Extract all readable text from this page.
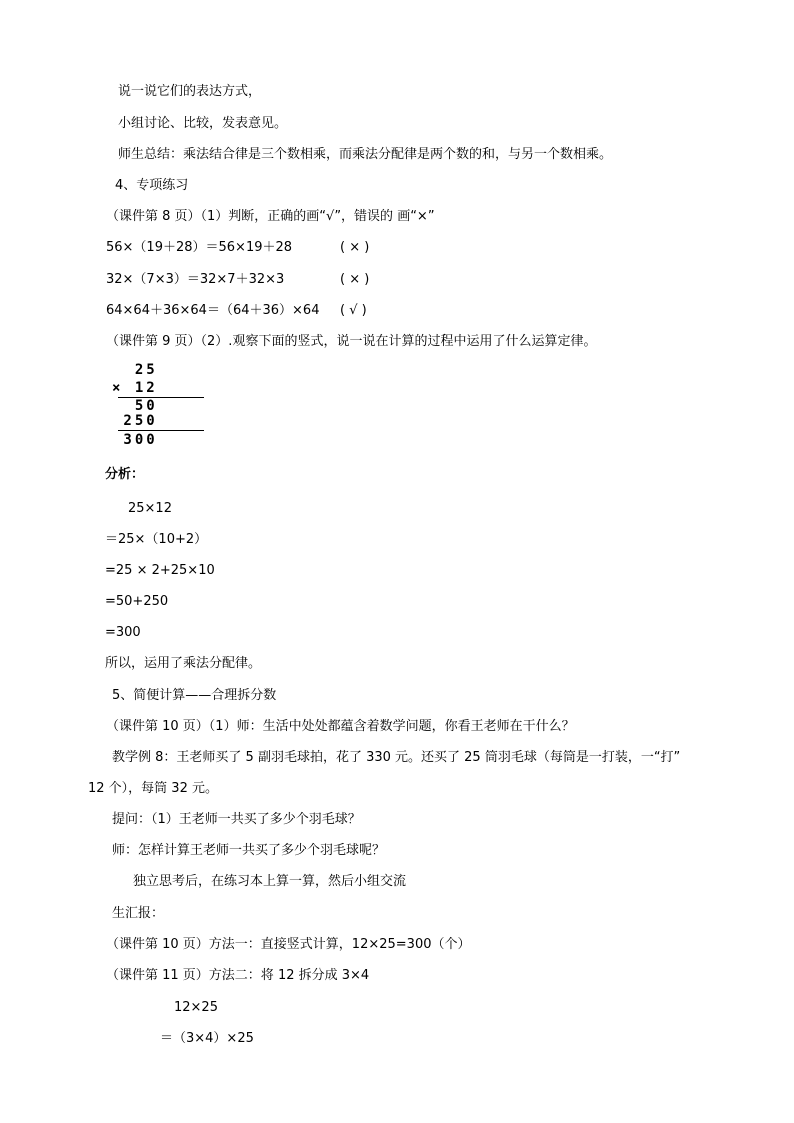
说一说它们的表达方式，

小组讨论、比较，发表意见。

师生总结：乘法结合律是三个数相乘，而乘法分配律是两个数的和，与另一个数相乘。

4、专项练习

（课件第 8 页）（1）判断，正确的画“√”，错误的 画“×”

56×（19＋28）＝56×19＋28	( × )

32×（7×3）＝32×7＋32×3	( × )

64×64＋36×64＝（64＋36）×64 ( √ )

（课件第 9 页）（2）.观察下面的竖式，说一说在计算的过程中运用了什么运算定律。

25
× 12
50
250
300

分析：

25×12

＝25×（10+2）

=25 × 2+25×10

=50+250

=300

所以，运用了乘法分配律。

5、简便计算——合理拆分数

（课件第 10 页）（1）师：生活中处处都蕴含着数学问题，你看王老师在干什么？

教学例 8：王老师买了 5 副羽毛球拍，花了 330 元。还买了 25 筒羽毛球（每筒是一打装，一“打”

12 个），每筒 32 元。

提问：（1）王老师一共买了多少个羽毛球？

师：怎样计算王老师一共买了多少个羽毛球呢？

独立思考后，在练习本上算一算，然后小组交流

生汇报：

（课件第 10 页）方法一：直接竖式计算，12×25=300（个）

（课件第 11 页）方法二：将 12 拆分成 3×4

12×25

＝（3×4）×25
